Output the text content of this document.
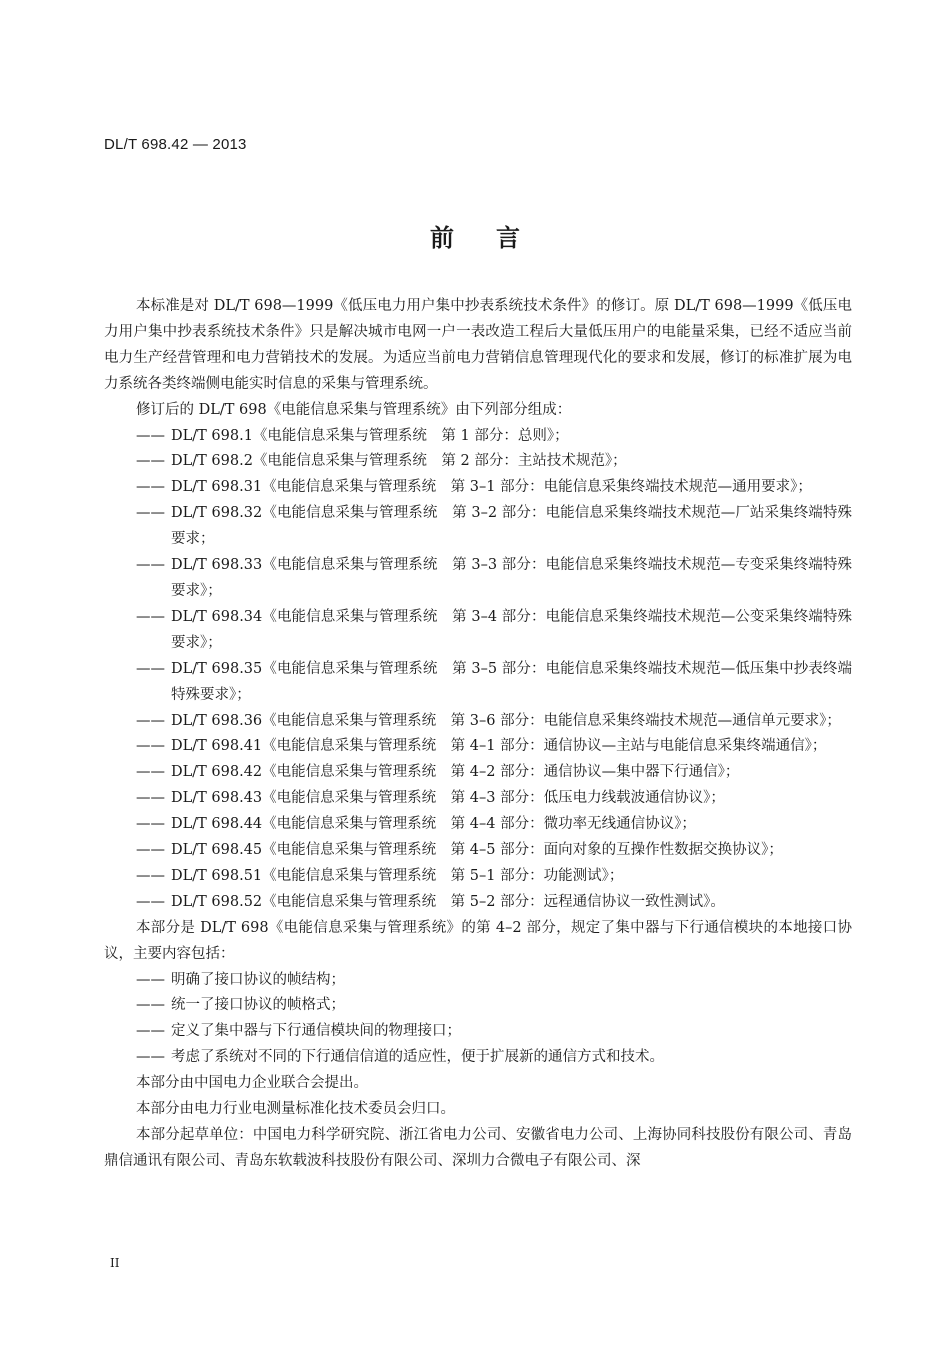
DL/T 698.42 — 2013
前言

本标准是对 DL/T 698—1999《低压电力用户集中抄表系统技术条件》的修订。原 DL/T 698—1999《低压电力用户集中抄表系统技术条件》只是解决城市电网一户一表改造工程后大量低压用户的电能量采集，已经不适应当前电力生产经营管理和电力营销技术的发展。为适应当前电力营销信息管理现代化的要求和发展，修订的标准扩展为电力系统各类终端侧电能实时信息的采集与管理系统。

修订后的 DL/T 698《电能信息采集与管理系统》由下列部分组成：

—— DL/T 698.1《电能信息采集与管理系统　第 1 部分：总则》；

—— DL/T 698.2《电能信息采集与管理系统　第 2 部分：主站技术规范》；

—— DL/T 698.31《电能信息采集与管理系统　第 3–1 部分：电能信息采集终端技术规范—通用要求》；

—— DL/T 698.32《电能信息采集与管理系统　第 3–2 部分：电能信息采集终端技术规范—厂站采集终端特殊要求；

—— DL/T 698.33《电能信息采集与管理系统　第 3–3 部分：电能信息采集终端技术规范—专变采集终端特殊要求》；

—— DL/T 698.34《电能信息采集与管理系统　第 3–4 部分：电能信息采集终端技术规范—公变采集终端特殊要求》；

—— DL/T 698.35《电能信息采集与管理系统　第 3–5 部分：电能信息采集终端技术规范—低压集中抄表终端特殊要求》；

—— DL/T 698.36《电能信息采集与管理系统　第 3–6 部分：电能信息采集终端技术规范—通信单元要求》；

—— DL/T 698.41《电能信息采集与管理系统　第 4–1 部分：通信协议—主站与电能信息采集终端通信》；

—— DL/T 698.42《电能信息采集与管理系统　第 4–2 部分：通信协议—集中器下行通信》；

—— DL/T 698.43《电能信息采集与管理系统　第 4–3 部分：低压电力线载波通信协议》；

—— DL/T 698.44《电能信息采集与管理系统　第 4–4 部分：微功率无线通信协议》；

—— DL/T 698.45《电能信息采集与管理系统　第 4–5 部分：面向对象的互操作性数据交换协议》；

—— DL/T 698.51《电能信息采集与管理系统　第 5–1 部分：功能测试》；

—— DL/T 698.52《电能信息采集与管理系统　第 5–2 部分：远程通信协议一致性测试》。

本部分是 DL/T 698《电能信息采集与管理系统》的第 4–2 部分，规定了集中器与下行通信模块的本地接口协议，主要内容包括：

—— 明确了接口协议的帧结构；

—— 统一了接口协议的帧格式；

—— 定义了集中器与下行通信模块间的物理接口；

—— 考虑了系统对不同的下行通信信道的适应性，便于扩展新的通信方式和技术。

本部分由中国电力企业联合会提出。

本部分由电力行业电测量标准化技术委员会归口。

本部分起草单位：中国电力科学研究院、浙江省电力公司、安徽省电力公司、上海协同科技股份有限公司、青岛鼎信通讯有限公司、青岛东软载波科技股份有限公司、深圳力合微电子有限公司、深

II
